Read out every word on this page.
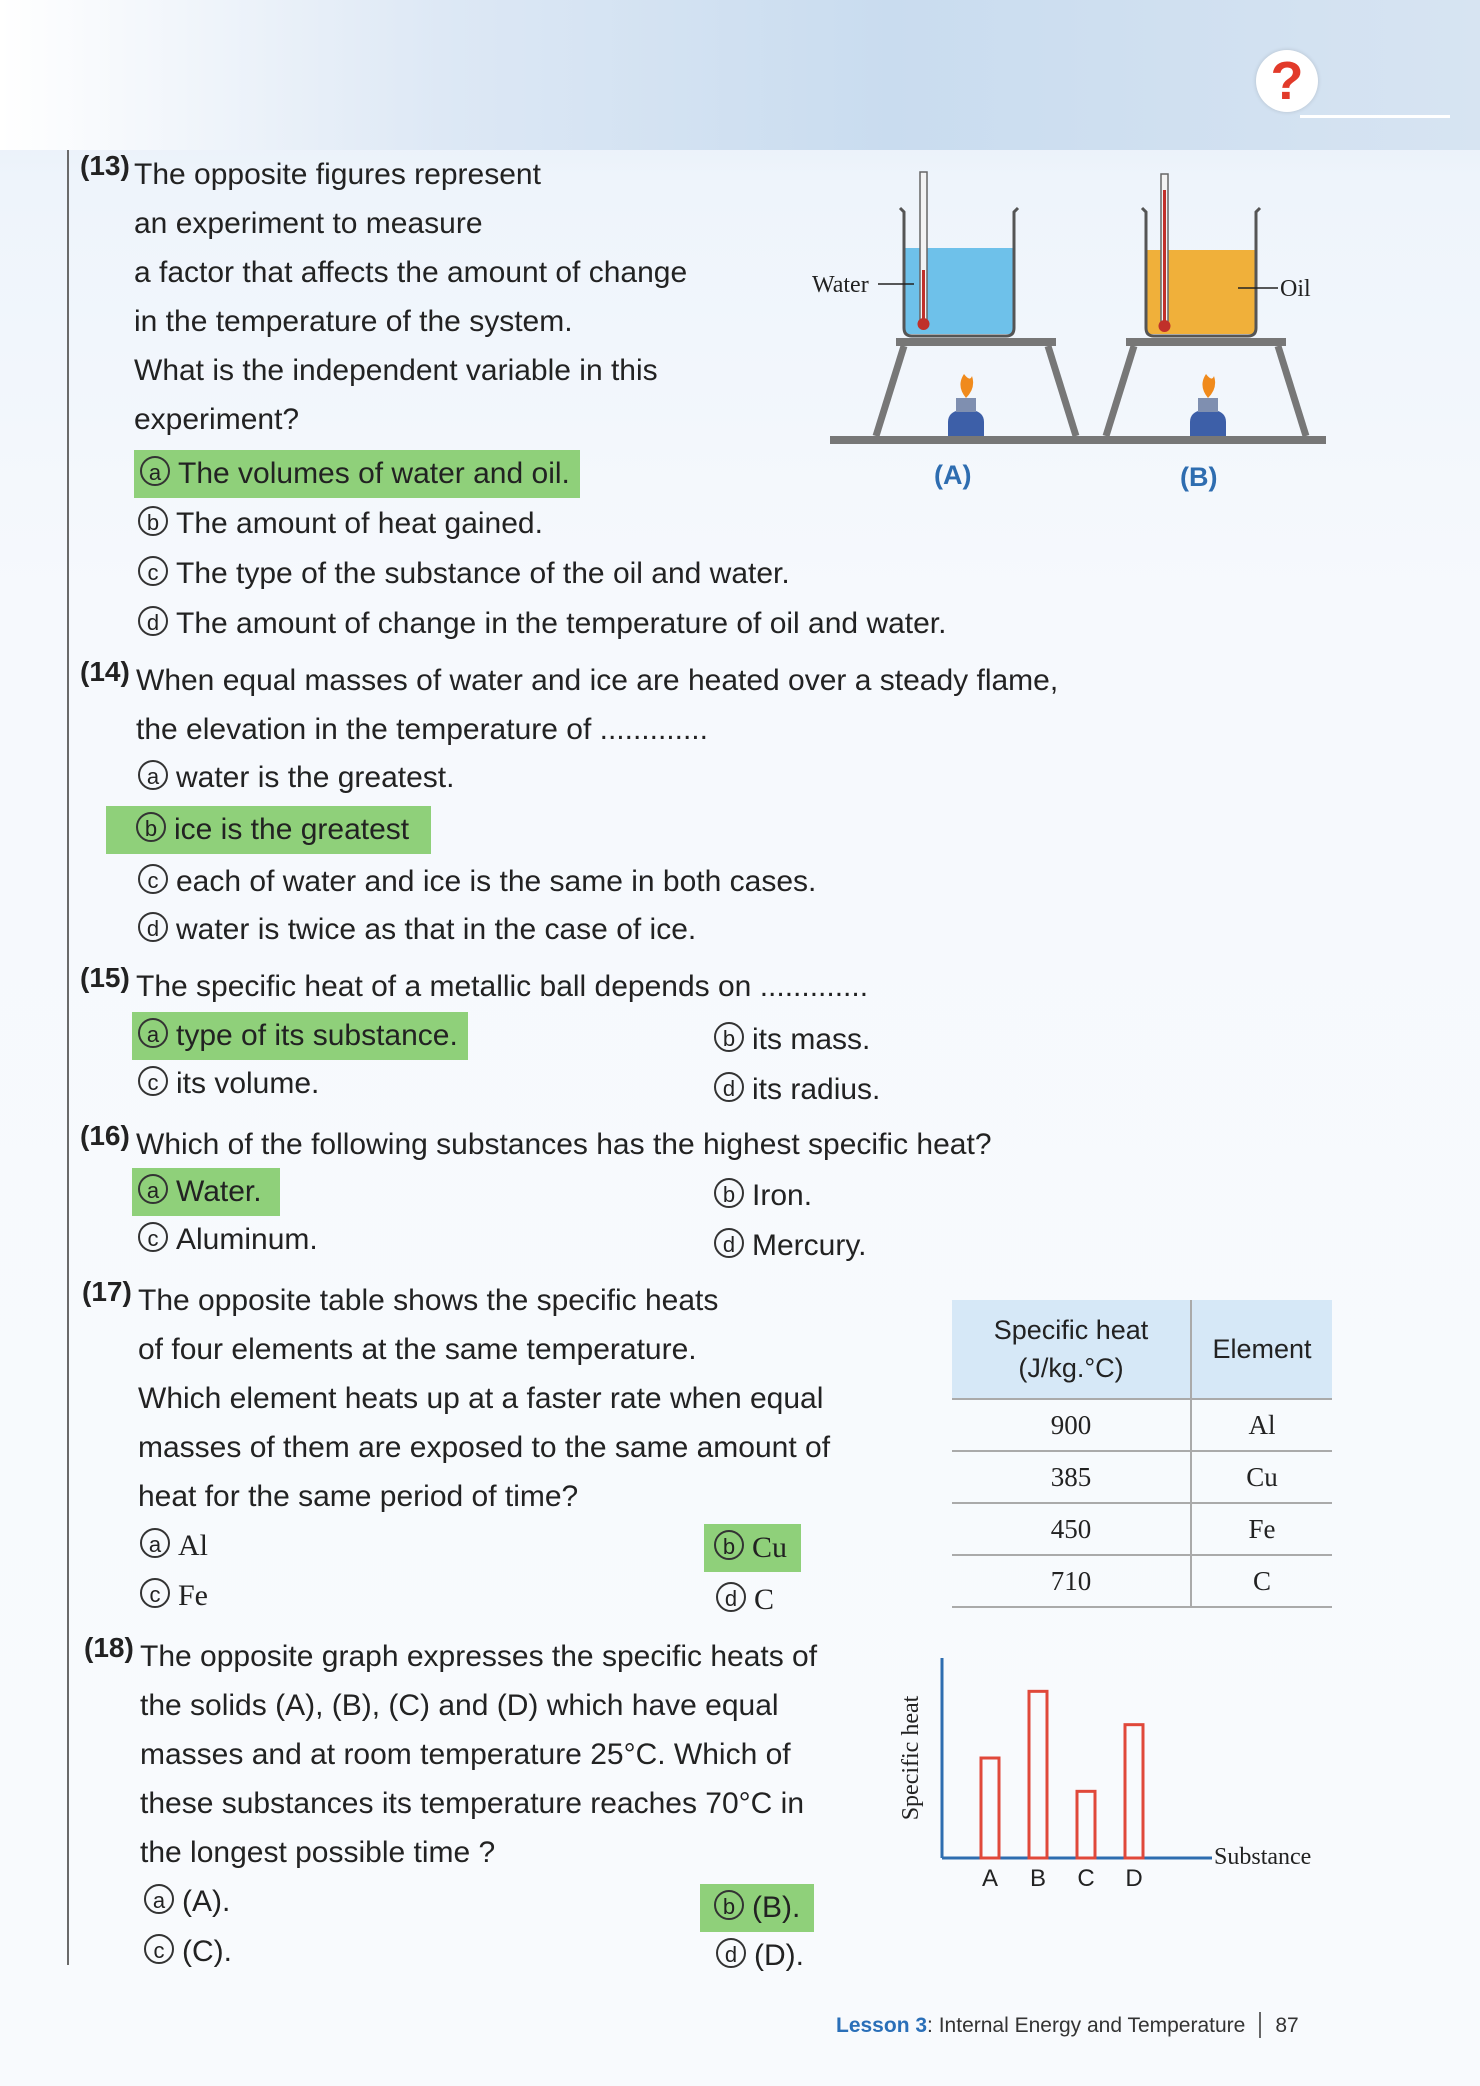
?
(13) The opposite figures represent

an experiment to measure

a factor that affects the amount of change

in the temperature of the system.

What is the independent variable in this

experiment?

a The volumes of water and oil.
b The amount of heat gained.
c The type of the substance of the oil and water.
d The amount of change in the temperature of oil and water.
Water	Oil
(A)	(B)
(14) When equal masses of water and ice are heated over a steady flame,

the elevation in the temperature of .............

a water is the greatest.
b ice is the greatest
c each of water and ice is the same in both cases.
d water is twice as that in the case of ice.
(15) The specific heat of a metallic ball depends on .............

a type of its substance.	b its mass.
c its volume.	d its radius.
(16) Which of the following substances has the highest specific heat?

a Water.	b Iron.
c Aluminum.	d Mercury.
(17) The opposite table shows the specific heats

of four elements at the same temperature.

Which element heats up at a faster rate when equal

masses of them are exposed to the same amount of

heat for the same period of time?

a Al	b Cu
c Fe	d C
Specific heat
(J/kg.°C)	Element
900	Al
385	Cu
450	Fe
710	C
(18) The opposite graph expresses the specific heats of

the solids (A), (B), (C) and (D) which have equal

masses and at room temperature 25°C. Which of

these substances its temperature reaches 70°C in

the longest possible time ?

a (A).	b (B).
c (C).	d (D).
A B C D
Specific heat
Substance
Lesson 3: Internal Energy and Temperature 87
